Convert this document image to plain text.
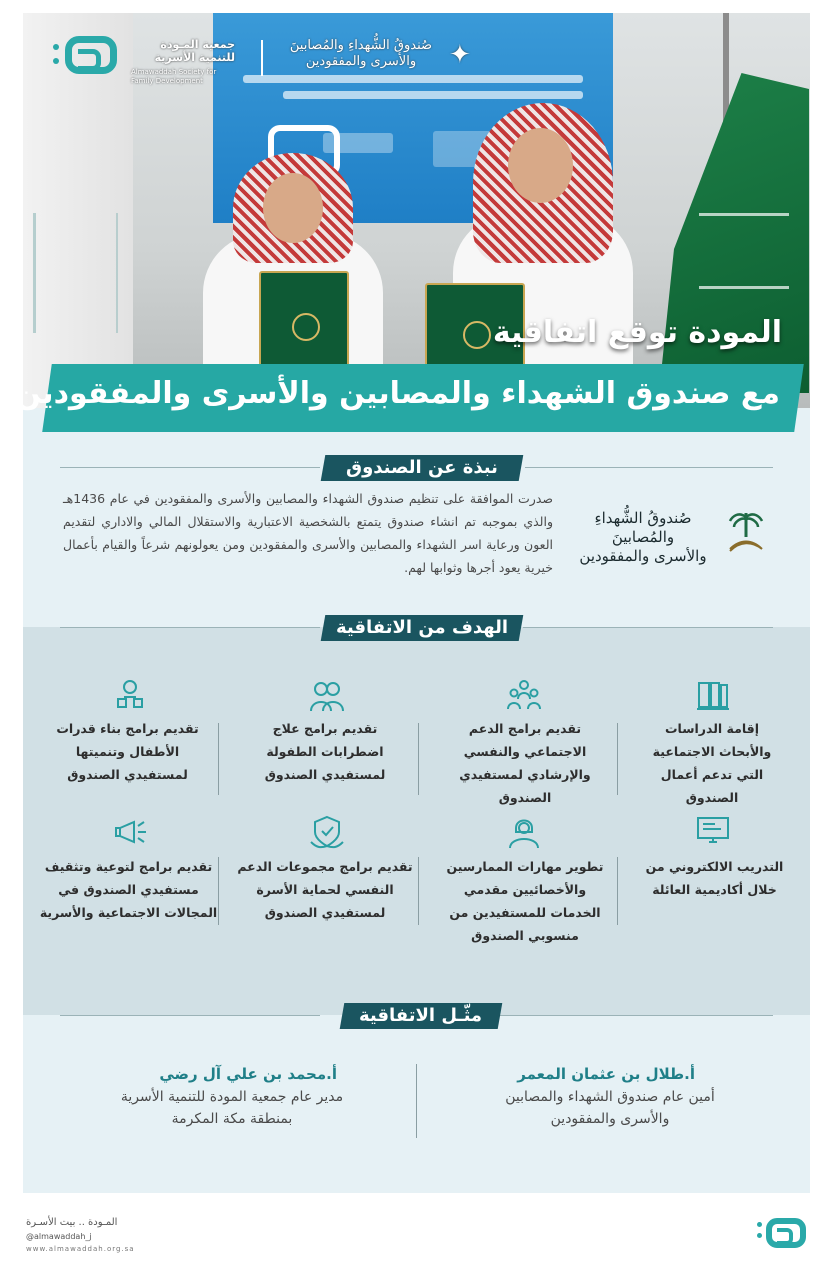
جمعية المـودة
للتنمية الأسرية
Almawaddah Society for
Family Development
صُندوقُ الشُّهداءِ والمُصابينَ
والأسرى والمفقودين	✦
المودة توقع اتفاقية
مع صندوق الشهداء والمصابين والأسرى والمفقودين
نبذة عن الصندوق
صدرت الموافقة على تنظيم صندوق الشهداء والمصابين والأسرى والمفقودين في عام 1436هـ والذي بموجبه تم انشاء صندوق يتمتع بالشخصية الاعتبارية والاستقلال المالي والاداري لتقديم العون ورعاية اسر الشهداء والمصابين والأسرى والمفقودين ومن يعولونهم شرعاً والقيام بأعمال خيرية يعود أجرها وثوابها لهم.
صُندوقُ الشُّهداءِ والمُصابينَ
والأسرى والمفقودين
الهدف من الاتفاقية
إقامة الدراسات
والأبحاث الاجتماعية
التي تدعم أعمال
الصندوق
تقديم برامج الدعم
الاجتماعي والنفسي
والإرشادي لمستفيدي
الصندوق
تقديم برامج علاج
اضطرابات الطفولة
لمستفيدي الصندوق
تقديم برامج بناء قدرات
الأطفال وتنميتها
لمستفيدي الصندوق
التدريب الالكتروني من
خلال أكاديمية العائلة
تطوير مهارات الممارسين
والأخصائيين مقدمي
الخدمات للمستفيدين من
منسوبي الصندوق
تقديم برامج مجموعات الدعم
النفسي لحماية الأسرة
لمستفيدي الصندوق
تقديم برامج لتوعية وتثقيف
مستفيدي الصندوق في
المجالات الاجتماعية والأسرية
مثّـل الاتفاقية
أ.طلال بن عثمان المعمر
أمين عام صندوق الشهداء والمصابين
والأسرى والمفقودين
أ.محمد بن علي آل رضي
مدير عام جمعية المودة للتنمية الأسرية
بمنطقة مكة المكرمة
المـودة .. بيت الأسـرة
@almawaddah_j
www.almawaddah.org.sa
